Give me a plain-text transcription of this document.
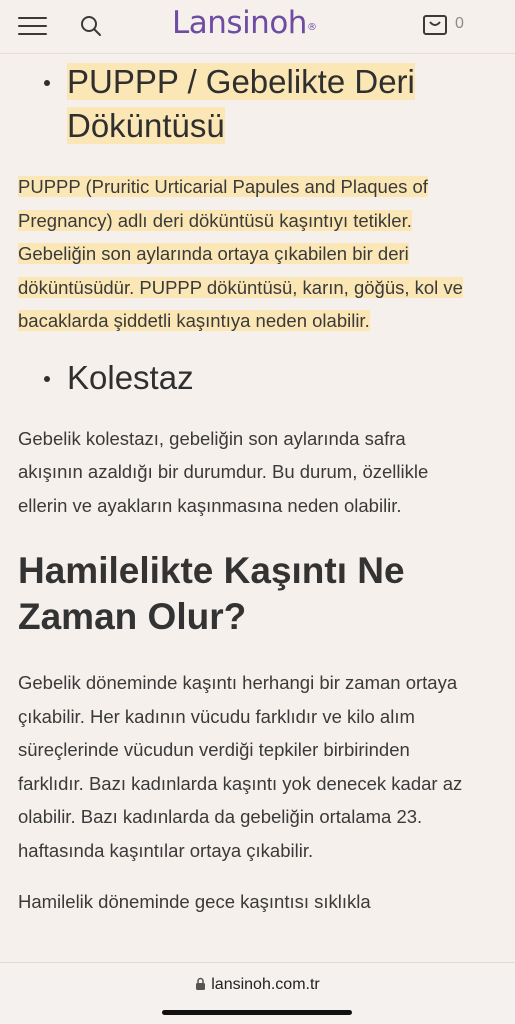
Lansinoh®	0
PUPPP / Gebelikte Deri Döküntüsü

PUPPP (Pruritic Urticarial Papules and Plaques of Pregnancy) adlı deri döküntüsü kaşıntıyı tetikler. Gebeliğin son aylarında ortaya çıkabilen bir deri döküntüsüdür. PUPPP döküntüsü, karın, göğüs, kol ve bacaklarda şiddetli kaşıntıya neden olabilir.

Kolestaz

Gebelik kolestazı, gebeliğin son aylarında safra akışının azaldığı bir durumdur. Bu durum, özellikle ellerin ve ayakların kaşınmasına neden olabilir.

Hamilelikte Kaşıntı Ne Zaman Olur?

Gebelik döneminde kaşıntı herhangi bir zaman ortaya çıkabilir. Her kadının vücudu farklıdır ve kilo alım süreçlerinde vücudun verdiği tepkiler birbirinden farklıdır. Bazı kadınlarda kaşıntı yok denecek kadar az olabilir. Bazı kadınlarda da gebeliğin ortalama 23. haftasında kaşıntılar ortaya çıkabilir.

Hamilelik döneminde gece kaşıntısı sıklıkla

lansinoh.com.tr
